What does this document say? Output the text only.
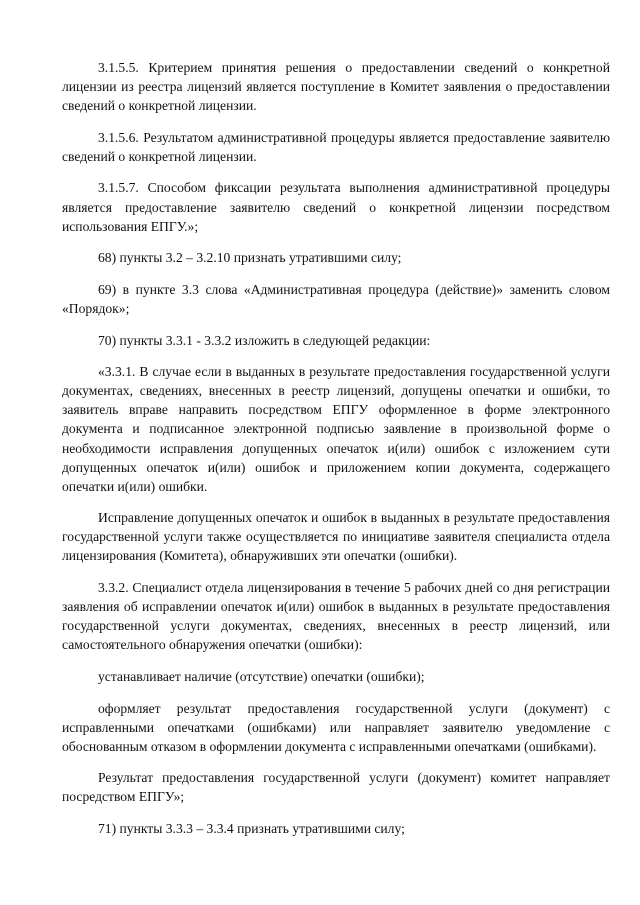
3.1.5.5. Критерием принятия решения о предоставлении сведений о конкретной лицензии из реестра лицензий является поступление в Комитет заявления о предоставлении сведений о конкретной лицензии.

3.1.5.6. Результатом административной процедуры является предоставление заявителю сведений о конкретной лицензии.

3.1.5.7. Способом фиксации результата выполнения административной процедуры является предоставление заявителю сведений о конкретной лицензии посредством использования ЕПГУ.»;

68) пункты 3.2 – 3.2.10 признать утратившими силу;

69) в пункте 3.3 слова «Административная процедура (действие)» заменить словом «Порядок»;

70) пункты 3.3.1 - 3.3.2 изложить в следующей редакции:

«3.3.1. В случае если в выданных в результате предоставления государственной услуги документах, сведениях, внесенных в реестр лицензий, допущены опечатки и ошибки, то заявитель вправе направить посредством ЕПГУ оформленное в форме электронного документа и подписанное электронной подписью заявление в произвольной форме о необходимости исправления допущенных опечаток и(или) ошибок с изложением сути допущенных опечаток и(или) ошибок и приложением копии документа, содержащего опечатки и(или) ошибки.

Исправление допущенных опечаток и ошибок в выданных в результате предоставления государственной услуги также осуществляется по инициативе заявителя специалиста отдела лицензирования (Комитета), обнаруживших эти опечатки (ошибки).

3.3.2. Специалист отдела лицензирования в течение 5 рабочих дней со дня регистрации заявления об исправлении опечаток и(или) ошибок в выданных в результате предоставления государственной услуги документах, сведениях, внесенных в реестр лицензий, или самостоятельного обнаружения опечатки (ошибки):

устанавливает наличие (отсутствие) опечатки (ошибки);

оформляет результат предоставления государственной услуги (документ) с исправленными опечатками (ошибками) или направляет заявителю уведомление с обоснованным отказом в оформлении документа с исправленными опечатками (ошибками).

Результат предоставления государственной услуги (документ) комитет направляет посредством ЕПГУ»;

71) пункты 3.3.3 – 3.3.4 признать утратившими силу;
